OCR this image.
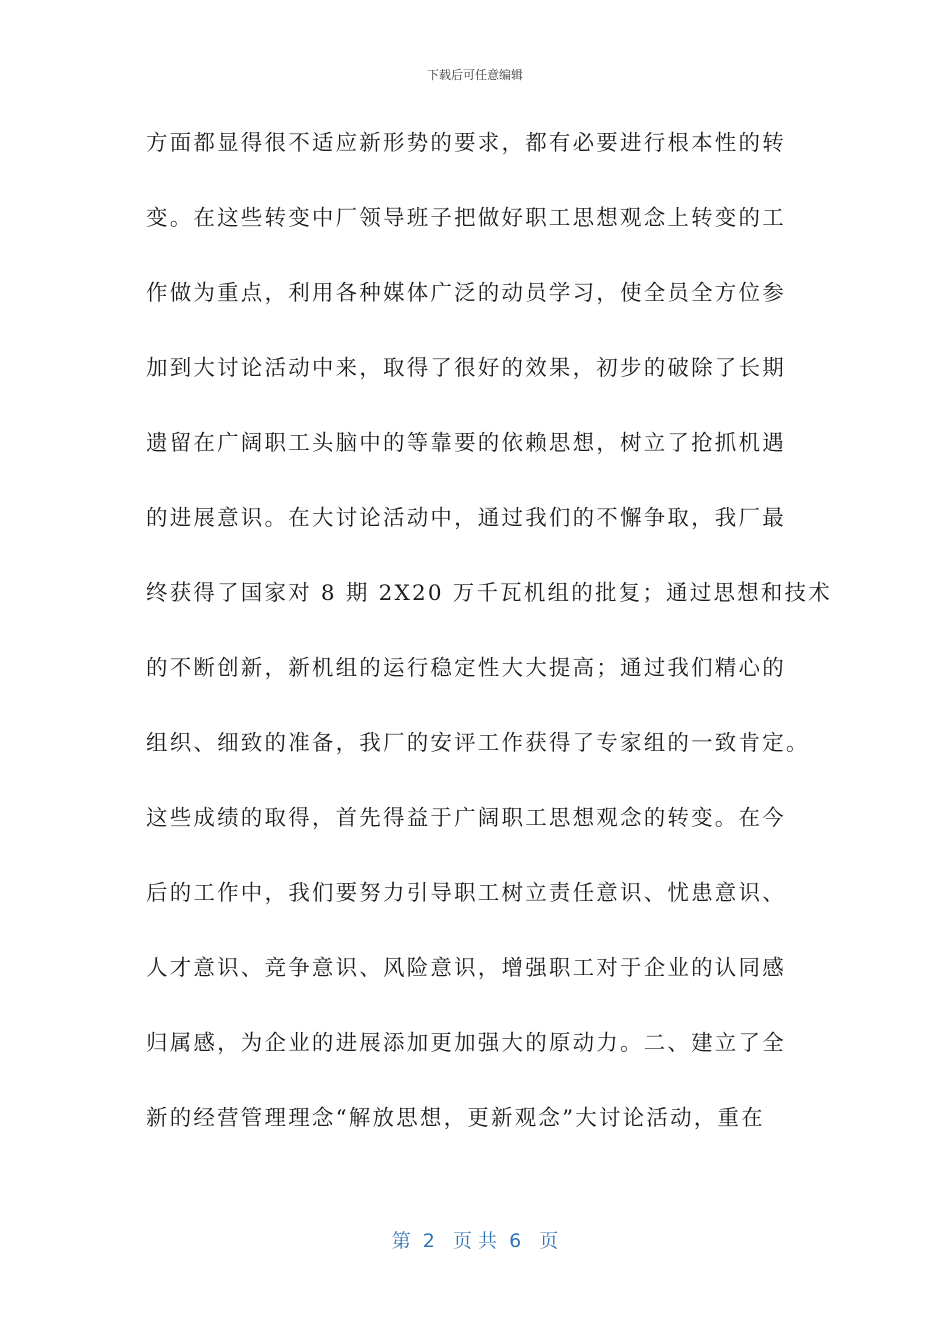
下载后可任意编辑
方面都显得很不适应新形势的要求，都有必要进行根本性的转
变。在这些转变中厂领导班子把做好职工思想观念上转变的工
作做为重点，利用各种媒体广泛的动员学习，使全员全方位参
加到大讨论活动中来，取得了很好的效果，初步的破除了长期
遗留在广阔职工头脑中的等靠要的依赖思想，树立了抢抓机遇
的进展意识。在大讨论活动中，通过我们的不懈争取，我厂最
终获得了国家对 8 期 2X20 万千瓦机组的批复；通过思想和技术
的不断创新，新机组的运行稳定性大大提高；通过我们精心的
组织、细致的准备，我厂的安评工作获得了专家组的一致肯定。
这些成绩的取得，首先得益于广阔职工思想观念的转变。在今
后的工作中，我们要努力引导职工树立责任意识、忧患意识、
人才意识、竞争意识、风险意识，增强职工对于企业的认同感
归属感，为企业的进展添加更加强大的原动力。二、建立了全
新的经营管理理念“解放思想，更新观念”大讨论活动，重在
第  2   页 共  6   页
